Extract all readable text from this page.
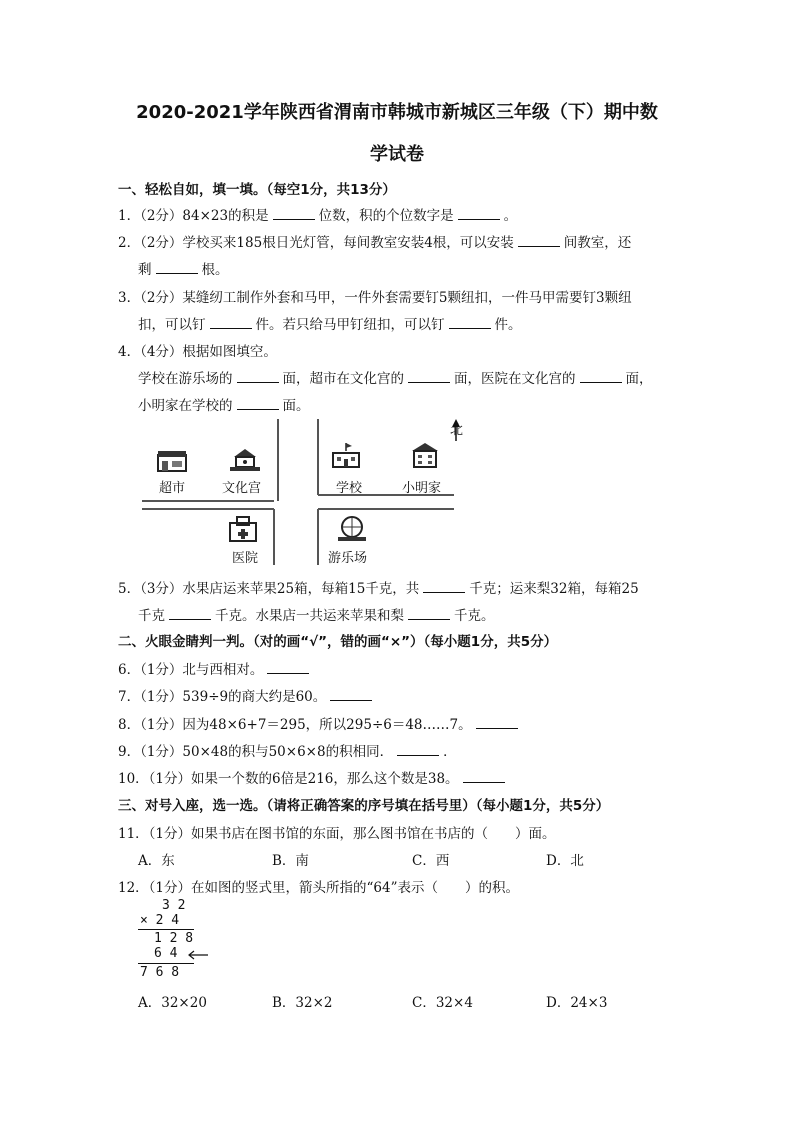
2020-2021学年陕西省渭南市韩城市新城区三年级（下）期中数
学试卷
一、轻松自如，填一填。（每空1分，共13分）
1．（2分）84×23的积是	位数，积的个位数字是	。
2．（2分）学校买来185根日光灯管，每间教室安装4根，可以安装	间教室，还
剩	根。
3．（2分）某缝纫工制作外套和马甲，一件外套需要钉5颗纽扣，一件马甲需要钉3颗纽
扣，可以钉	件。若只给马甲钉纽扣，可以钉	件。
4．（4分）根据如图填空。
学校在游乐场的	面，超市在文化宫的	面，医院在文化宫的	面，
小明家在学校的	面。
北
超市	文化宫	学校	小明家
医院	游乐场
5．（3分）水果店运来苹果25箱，每箱15千克，共	千克；运来梨32箱，每箱25
千克	千克。水果店一共运来苹果和梨	千克。
二、火眼金睛判一判。（对的画“√”，错的画“×”）（每小题1分，共5分）
6．（1分）北与西相对。
7．（1分）539÷9的商大约是60。
8．（1分）因为48×6+7＝295，所以295÷6＝48……7。
9．（1分）50×48的积与50×6×8的积相同．	．
10．（1分）如果一个数的6倍是216，那么这个数是38。
三、对号入座，选一选。（请将正确答案的序号填在括号里）（每小题1分，共5分）
11．（1分）如果书店在图书馆的东面，那么图书馆在书店的（　　）面。
A．东	B．南	C．西	D．北
12．（1分）在如图的竖式里，箭头所指的“64”表示（　　）的积。
3 2
× 2 4
1 2 8
6 4
7 6 8
A．32×20	B．32×2	C．32×4	D．24×3
